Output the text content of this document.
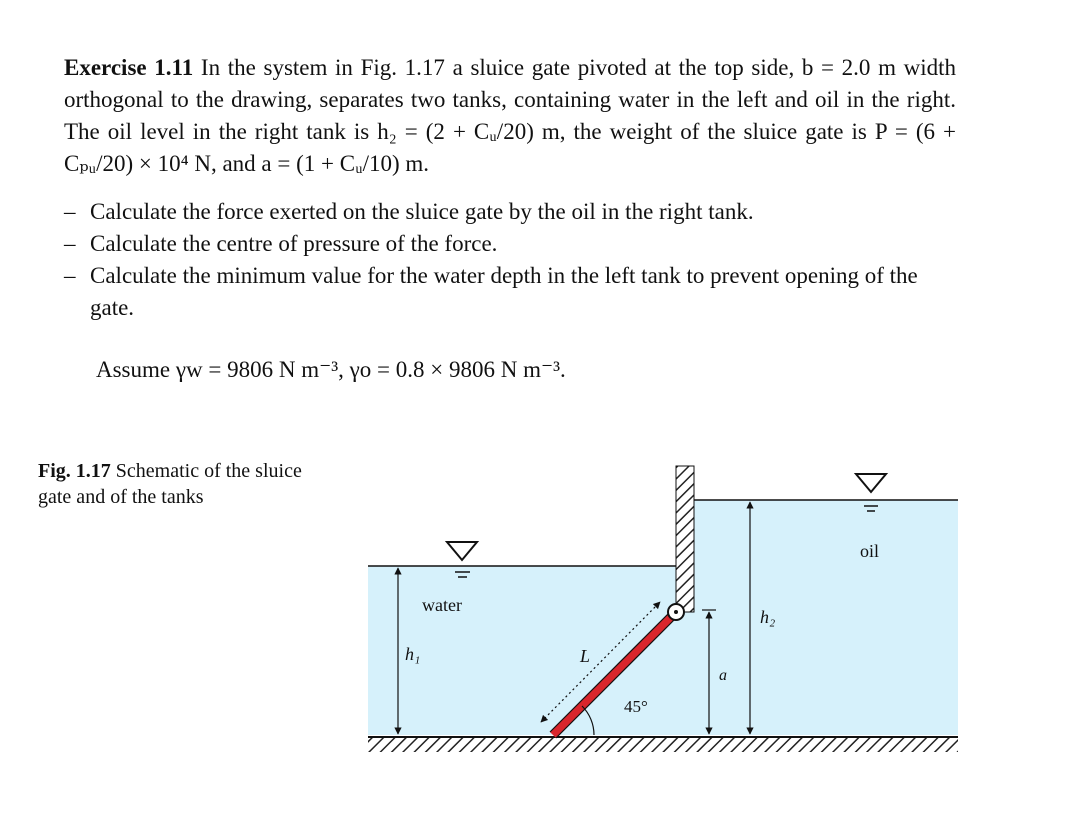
Exercise 1.11 In the system in Fig. 1.17 a sluice gate pivoted at the top side, b = 2.0 m width orthogonal to the drawing, separates two tanks, containing water in the left and oil in the right. The oil level in the right tank is h₂ = (2 + Cᵤ/20) m, the weight of the sluice gate is P = (6 + Cₚᵤ/20) × 10⁴ N, and a = (1 + Cᵤ/10) m.
– Calculate the force exerted on the sluice gate by the oil in the right tank.
– Calculate the centre of pressure of the force.
– Calculate the minimum value for the water depth in the left tank to prevent opening of the gate.
Assume γw = 9806 N m⁻³, γo = 0.8 × 9806 N m⁻³.
Fig. 1.17 Schematic of the sluice gate and of the tanks
water
oil
h₁
h₂
L
a
45°
